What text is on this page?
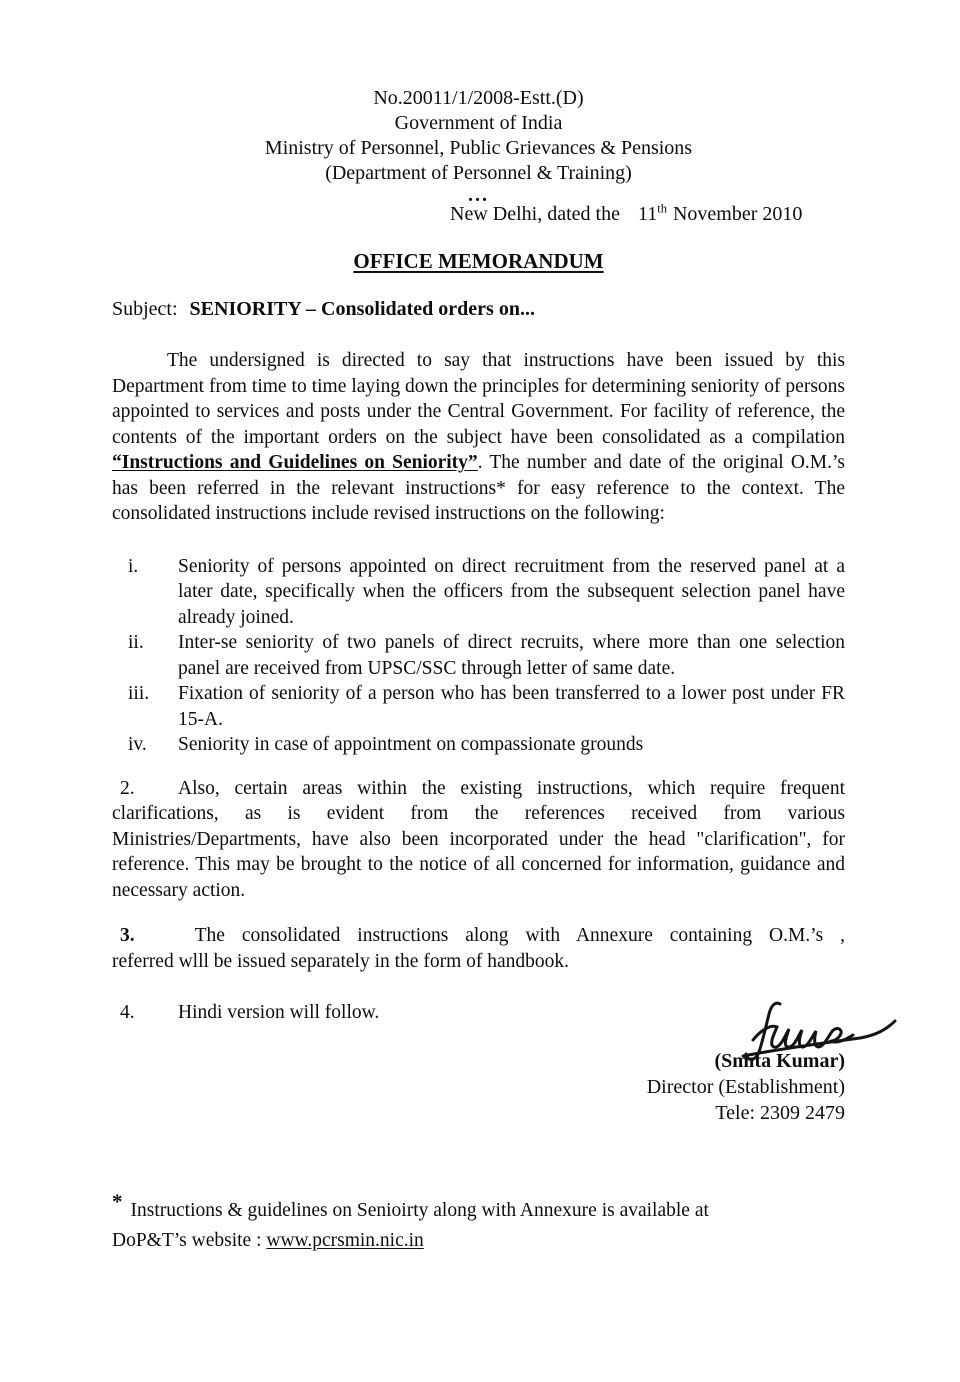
No.20011/1/2008-Estt.(D)
Government of India
Ministry of Personnel, Public Grievances & Pensions
(Department of Personnel & Training)
...
New Delhi, dated the 11th November 2010
OFFICE MEMORANDUM
Subject: SENIORITY – Consolidated orders on...

The undersigned is directed to say that instructions have been issued by this Department from time to time laying down the principles for determining seniority of persons appointed to services and posts under the Central Government. For facility of reference, the contents of the important orders on the subject have been consolidated as a compilation “Instructions and Guidelines on Seniority”. The number and date of the original O.M.’s has been referred in the relevant instructions* for easy reference to the context. The consolidated instructions include revised instructions on the following:

i.	Seniority of persons appointed on direct recruitment from the reserved panel at a later date, specifically when the officers from the subsequent selection panel have already joined.
ii.	Inter-se seniority of two panels of direct recruits, where more than one selection panel are received from UPSC/SSC through letter of same date.
iii.	Fixation of seniority of a person who has been transferred to a lower post under FR 15-A.
iv.	Seniority in case of appointment on compassionate grounds

2. Also, certain areas within the existing instructions, which require frequent clarifications, as is evident from the references received from various Ministries/Departments, have also been incorporated under the head "clarification", for reference. This may be brought to the notice of all concerned for information, guidance and necessary action.

3.	The consolidated instructions along with Annexure containing O.M.’s ,
referred wlll be issued separately in the form of handbook.

4. Hindi version will follow.

(Smita Kumar)
Director (Establishment)
Tele: 2309 2479
* Instructions & guidelines on Senioirty along with Annexure is available at
DoP&T’s website : www.pcrsmin.nic.in
